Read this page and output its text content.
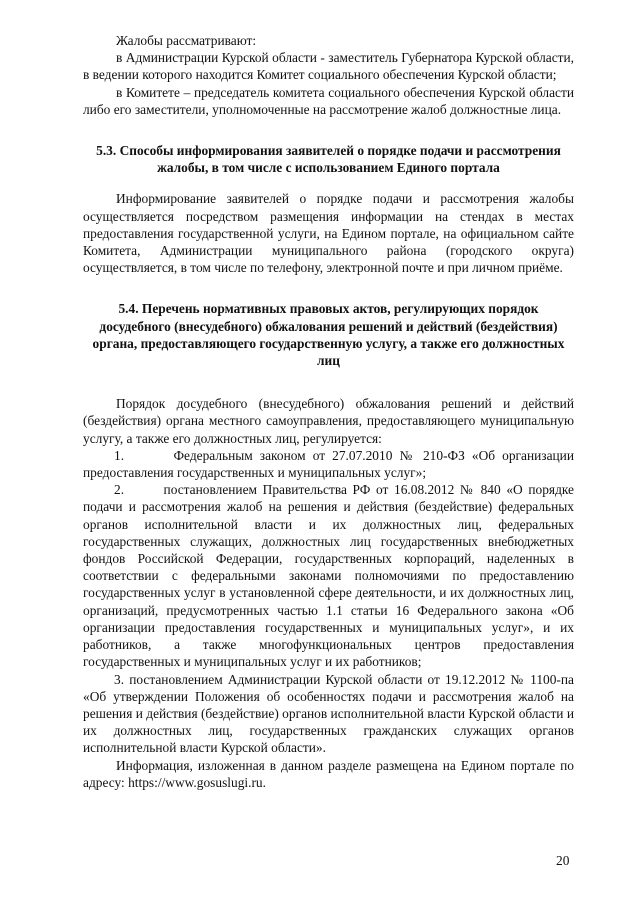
Жалобы рассматривают:

в Администрации Курской области - заместитель Губернатора Курской области, в ведении которого находится Комитет социального обеспечения Курской области;

в Комитете – председатель комитета социального обеспечения Курской области либо его заместители, уполномоченные на рассмотрение жалоб должностные лица.

5.3. Способы информирования заявителей о порядке подачи и рассмотрения жалобы, в том числе с использованием Единого портала

Информирование заявителей о порядке подачи и рассмотрения жалобы осуществляется посредством размещения информации на стендах в местах предоставления государственной услуги, на Едином портале, на официальном сайте Комитета, Администрации муниципального района (городского округа) осуществляется, в том числе по телефону, электронной почте и при личном приёме.

5.4. Перечень нормативных правовых актов, регулирующих порядок досудебного (внесудебного) обжалования решений и действий (бездействия) органа, предоставляющего государственную услугу, а также его должностных лиц

Порядок досудебного (внесудебного) обжалования решений и действий (бездействия) органа местного самоуправления, предоставляющего муниципальную услугу, а также его должностных лиц, регулируется:

1.	Федеральным законом от 27.07.2010 № 210-ФЗ «Об организации предоставления государственных и муниципальных услуг»;

2.	постановлением Правительства РФ от 16.08.2012 № 840 «О порядке подачи и рассмотрения жалоб на решения и действия (бездействие) федеральных органов исполнительной власти и их должностных лиц, федеральных государственных служащих, должностных лиц государственных внебюджетных фондов Российской Федерации, государственных корпораций, наделенных в соответствии с федеральными законами полномочиями по предоставлению государственных услуг в установленной сфере деятельности, и их должностных лиц, организаций, предусмотренных частью 1.1 статьи 16 Федерального закона «Об организации предоставления государственных и муниципальных услуг», и их работников, а также многофункциональных центров предоставления государственных и муниципальных услуг и их работников;

3. постановлением Администрации Курской области от 19.12.2012 № 1100-па «Об утверждении Положения об особенностях подачи и рассмотрения жалоб на решения и действия (бездействие) органов исполнительной власти Курской области и их должностных лиц, государственных гражданских служащих органов исполнительной власти Курской области».

Информация, изложенная в данном разделе размещена на Едином портале по адресу: https://www.gosuslugi.ru.

20
